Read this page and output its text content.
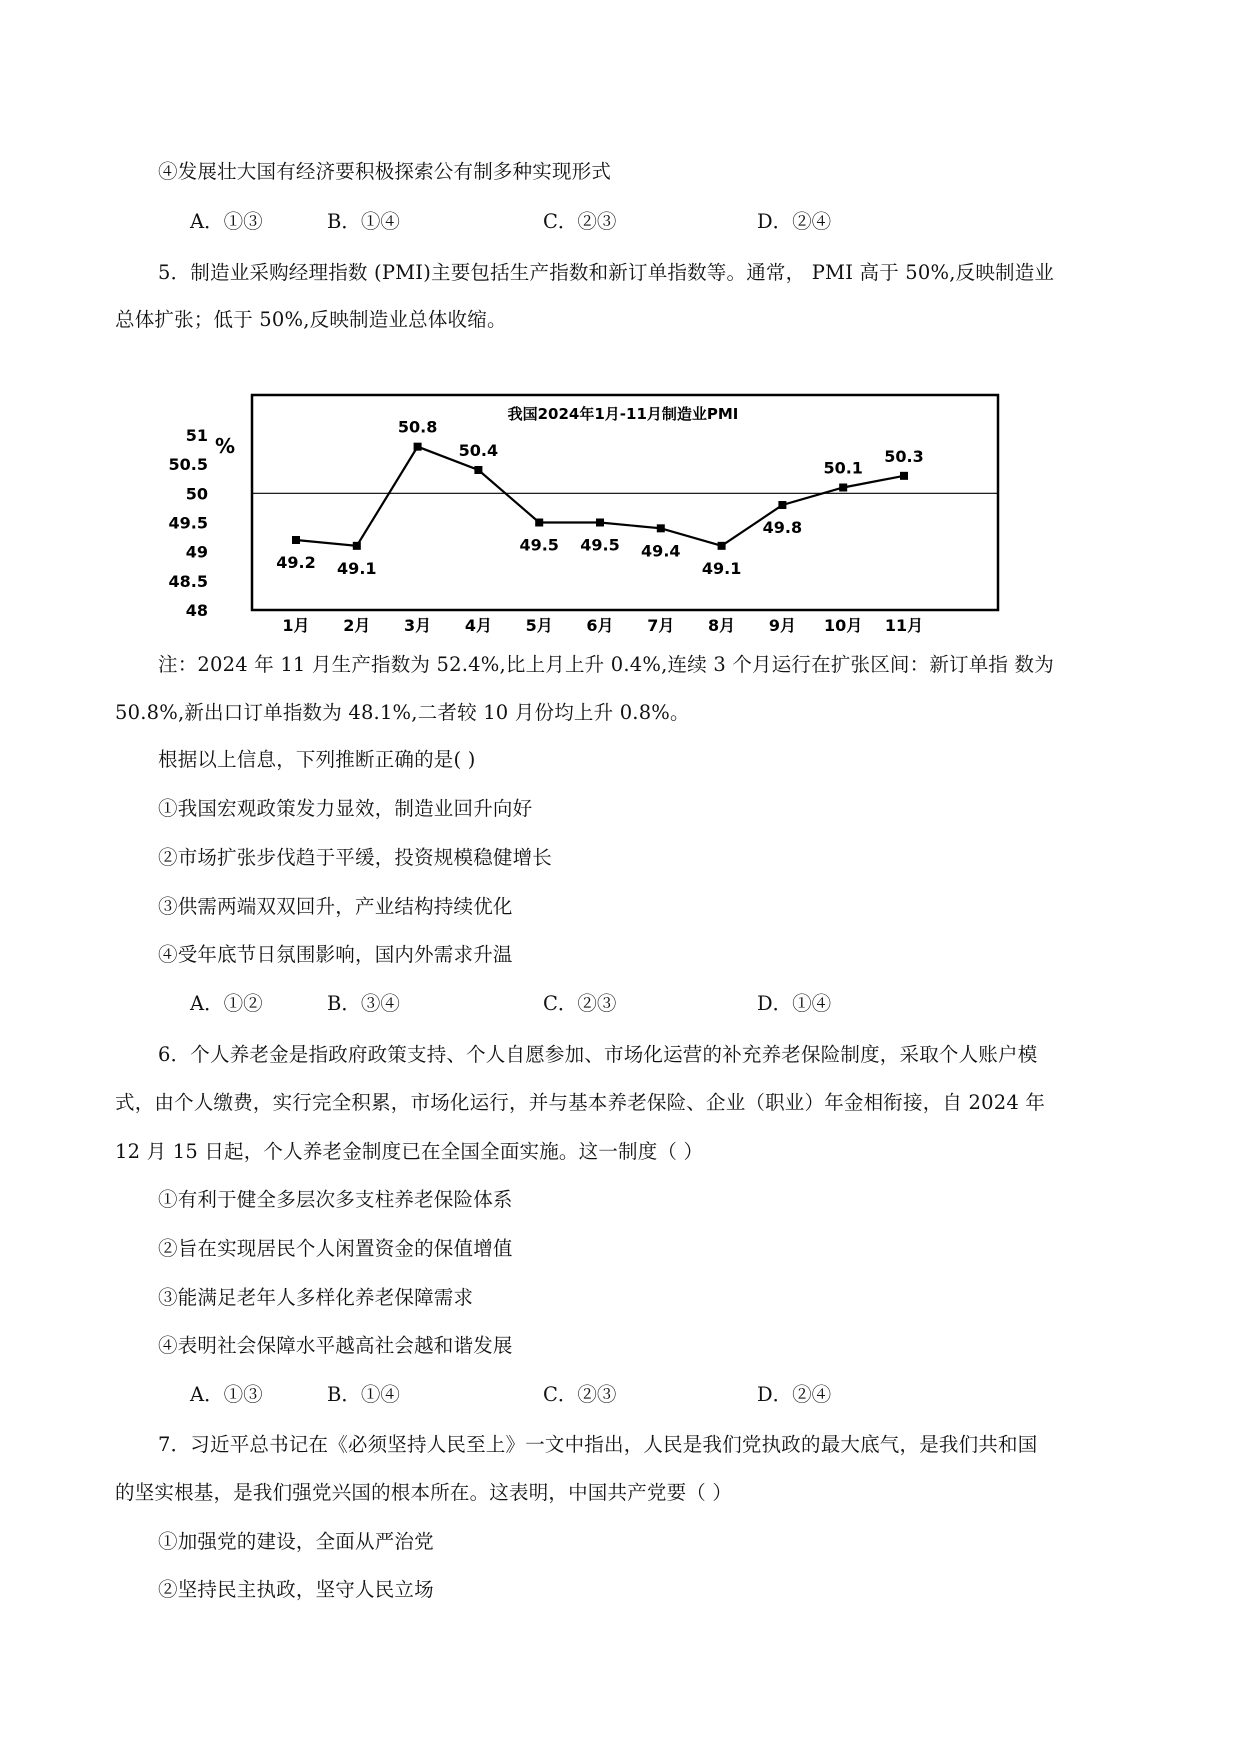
④发展壮大国有经济要积极探索公有制多种实现形式

A．①③	B．①④	C．②③	D．②④

5．制造业采购经理指数 (PMI)主要包括生产指数和新订单指数等。通常， PMI 高于 50%,反映制造业

总体扩张；低于 50%,反映制造业总体收缩。

我国2024年1月-11月制造业PMI
%
51
50.5
50
49.5
49
48.5
48
49.2 49.1
50.8
50.4
49.5 49.5 49.4
49.1
49.8
50.1
50.3
1月 2月 3月 4月 5月 6月 7月 8月 9月 10月 11月

注：2024 年 11 月生产指数为 52.4%,比上月上升 0.4%,连续 3 个月运行在扩张区间：新订单指 数为

50.8%,新出口订单指数为 48.1%,二者较 10 月份均上升 0.8%。

根据以上信息，下列推断正确的是( )

①我国宏观政策发力显效，制造业回升向好

②市场扩张步伐趋于平缓，投资规模稳健增长

③供需两端双双回升，产业结构持续优化

④受年底节日氛围影响，国内外需求升温

A．①②	B．③④	C．②③	D．①④

6．个人养老金是指政府政策支持、个人自愿参加、市场化运营的补充养老保险制度，采取个人账户模

式，由个人缴费，实行完全积累，市场化运行，并与基本养老保险、企业（职业）年金相衔接，自 2024 年

12 月 15 日起，个人养老金制度已在全国全面实施。这一制度（ ）

①有利于健全多层次多支柱养老保险体系

②旨在实现居民个人闲置资金的保值增值

③能满足老年人多样化养老保障需求

④表明社会保障水平越高社会越和谐发展

A．①③	B．①④	C．②③	D．②④

7．习近平总书记在《必须坚持人民至上》一文中指出，人民是我们党执政的最大底气，是我们共和国

的坚实根基，是我们强党兴国的根本所在。这表明，中国共产党要（ ）

①加强党的建设，全面从严治党

②坚持民主执政，坚守人民立场
